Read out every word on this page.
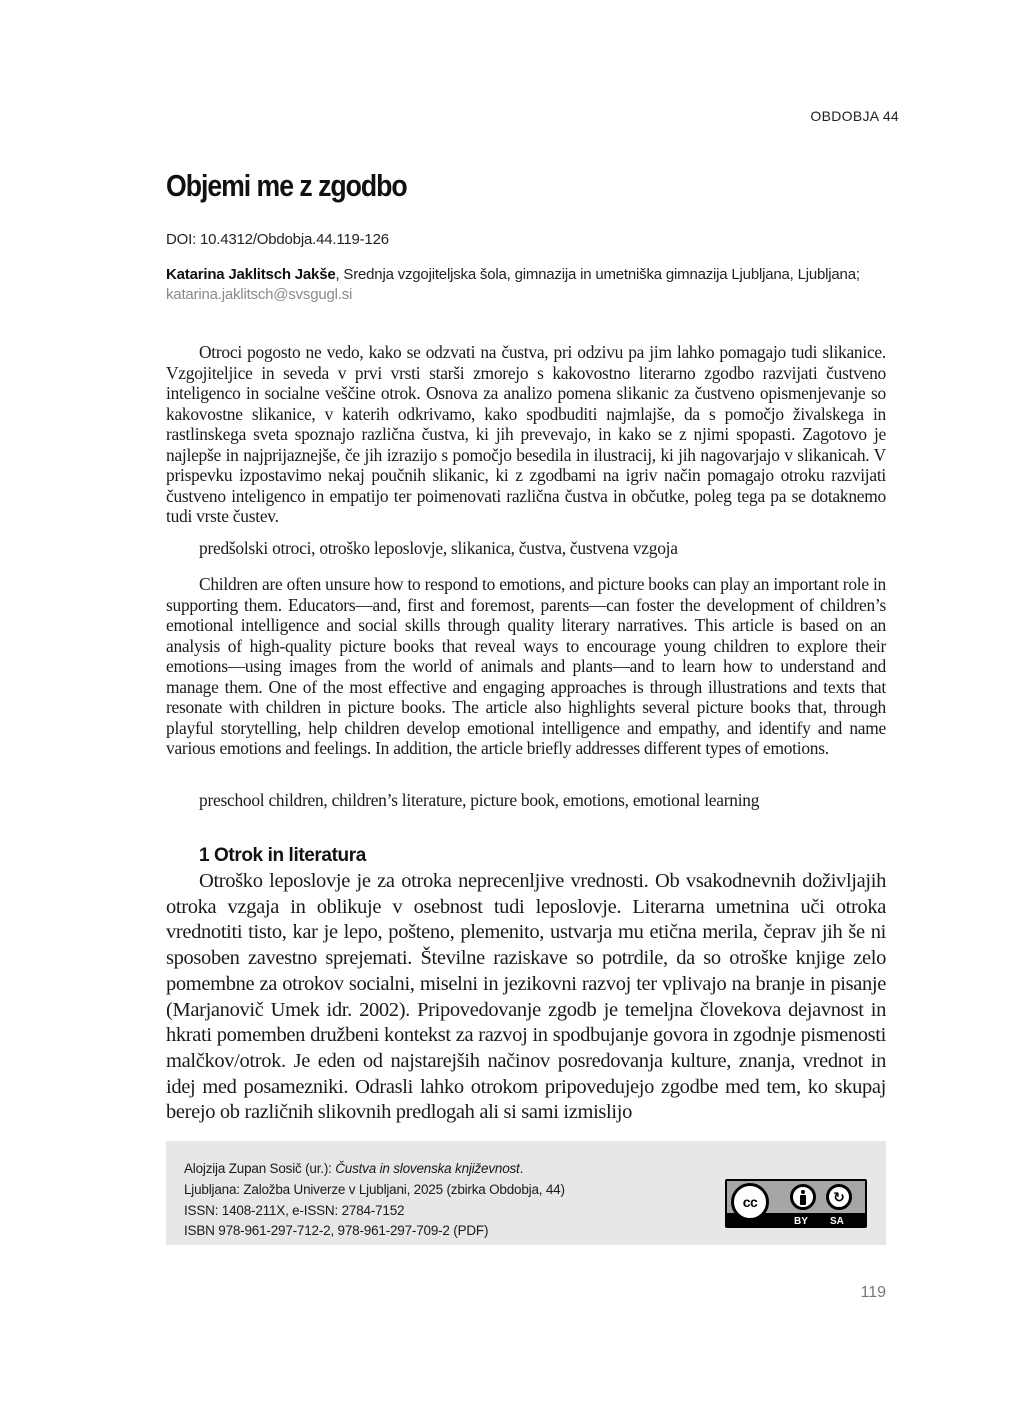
OBDOBJA 44
Objemi me z zgodbo
DOI: 10.4312/Obdobja.44.119-126
Katarina Jaklitsch Jakše, Srednja vzgojiteljska šola, gimnazija in umetniška gimnazija Ljubljana, Ljubljana; katarina.jaklitsch@svsgugl.si

Otroci pogosto ne vedo, kako se odzvati na čustva, pri odzivu pa jim lahko pomagajo tudi slikanice. Vzgojiteljice in seveda v prvi vrsti starši zmorejo s kakovostno literarno zgodbo razvijati čustveno inteligenco in socialne veščine otrok. Osnova za analizo pomena slikanic za čustveno opismenjevanje so kakovostne slikanice, v katerih odkrivamo, kako spodbuditi najmlajše, da s pomočjo živalskega in rastlinskega sveta spoznajo različna čustva, ki jih prevevajo, in kako se z njimi spopasti. Zagotovo je najlepše in najprijaznejše, če jih izrazijo s pomočjo besedila in ilustracij, ki jih nagovarjajo v slikanicah. V prispevku izpostavimo nekaj poučnih slikanic, ki z zgodbami na igriv način pomagajo otroku razvijati čustveno inteligenco in empatijo ter poimenovati različna čustva in občutke, poleg tega pa se dotaknemo tudi vrste čustev.

predšolski otroci, otroško leposlovje, slikanica, čustva, čustvena vzgoja

Children are often unsure how to respond to emotions, and picture books can play an important role in supporting them. Educators—and, first and foremost, parents—can foster the development of children’s emotional intelligence and social skills through quality literary narratives. This article is based on an analysis of high-quality picture books that reveal ways to encourage young children to explore their emotions—using images from the world of animals and plants—and to learn how to understand and manage them. One of the most effective and engaging approaches is through illustrations and texts that resonate with children in picture books. The article also highlights several picture books that, through playful storytelling, help children develop emotional intelligence and empathy, and identify and name various emotions and feelings. In addition, the article briefly addresses different types of emotions.

preschool children, children’s literature, picture book, emotions, emotional learning
1 Otrok in literatura

Otroško leposlovje je za otroka neprecenljive vrednosti. Ob vsakodnevnih doživljajih otroka vzgaja in oblikuje v osebnost tudi leposlovje. Literarna umetnina uči otroka vrednotiti tisto, kar je lepo, pošteno, plemenito, ustvarja mu etična merila, čeprav jih še ni sposoben zavestno sprejemati. Številne raziskave so potrdile, da so otroške knjige zelo pomembne za otrokov socialni, miselni in jezikovni razvoj ter vplivajo na branje in pisanje (Marjanovič Umek idr. 2002). Pripovedovanje zgodb je temeljna človekova dejavnost in hkrati pomemben družbeni kontekst za razvoj in spodbujanje govora in zgodnje pismenosti malčkov/otrok. Je eden od najstarejših načinov posredovanja kulture, znanja, vrednot in idej med posamezniki. Odrasli lahko otrokom pripovedujejo zgodbe med tem, ko skupaj berejo ob različnih slikovnih predlogah ali si sami izmislijo

Alojzija Zupan Sosič (ur.): Čustva in slovenska književnost.
Ljubljana: Založba Univerze v Ljubljani, 2025 (zbirka Obdobja, 44)
ISSN: 1408-211X, e-ISSN: 2784-7152
ISBN 978-961-297-712-2, 978-961-297-709-2 (PDF)
cc	↻
BY SA
119
